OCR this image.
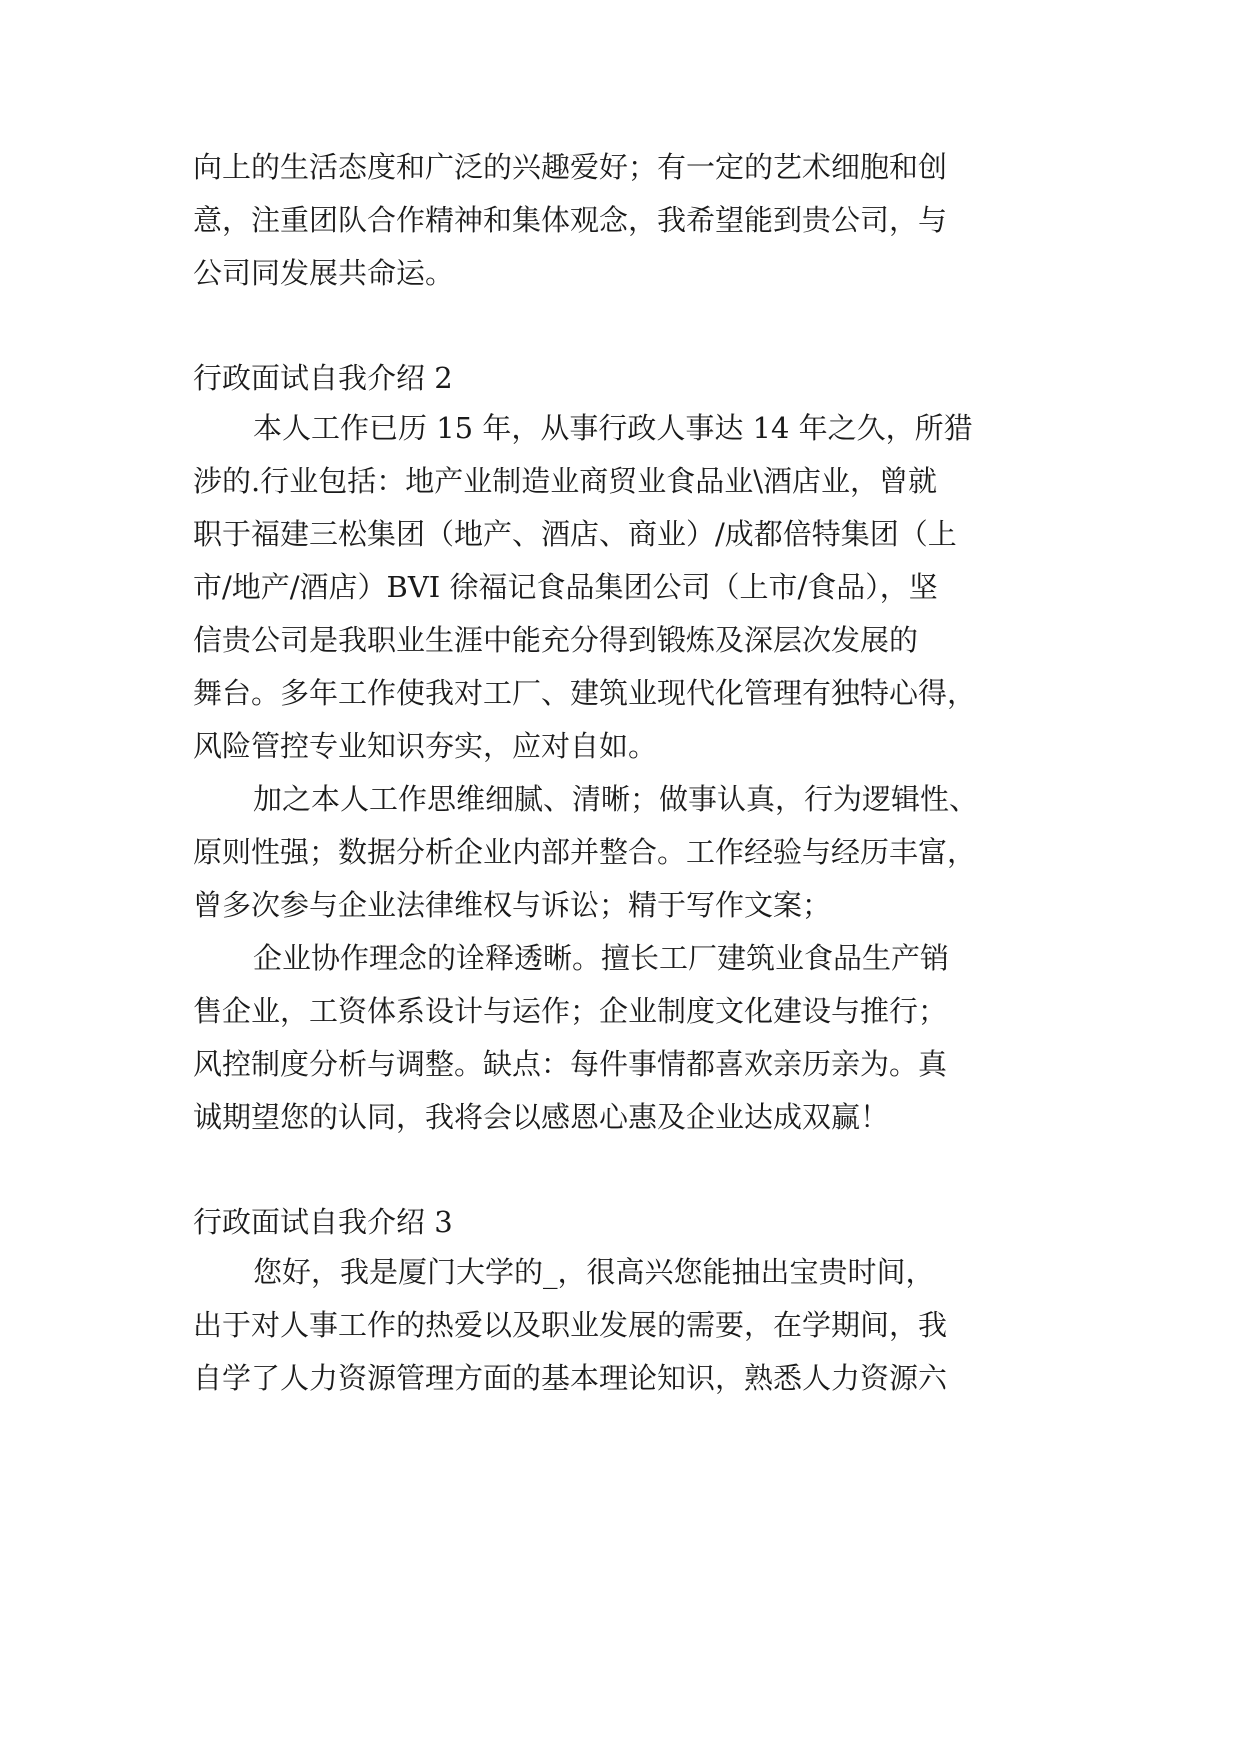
向上的生活态度和广泛的兴趣爱好；有一定的艺术细胞和创
意，注重团队合作精神和集体观念，我希望能到贵公司，与
公司同发展共命运。
行政面试自我介绍 2
本人工作已历 15 年，从事行政人事达 14 年之久，所猎
涉的.行业包括：地产业制造业商贸业食品业\酒店业，曾就
职于福建三松集团（地产、酒店、商业）/成都倍特集团（上
市/地产/酒店）BVI 徐福记食品集团公司（上市/食品），坚
信贵公司是我职业生涯中能充分得到锻炼及深层次发展的
舞台。多年工作使我对工厂、建筑业现代化管理有独特心得，
风险管控专业知识夯实，应对自如。
加之本人工作思维细腻、清晰；做事认真，行为逻辑性、
原则性强；数据分析企业内部并整合。工作经验与经历丰富，
曾多次参与企业法律维权与诉讼；精于写作文案；
企业协作理念的诠释透晰。擅长工厂建筑业食品生产销
售企业，工资体系设计与运作；企业制度文化建设与推行；
风控制度分析与调整。缺点：每件事情都喜欢亲历亲为。真
诚期望您的认同，我将会以感恩心惠及企业达成双赢！
行政面试自我介绍 3
您好，我是厦门大学的_，很高兴您能抽出宝贵时间，
出于对人事工作的热爱以及职业发展的需要，在学期间，我
自学了人力资源管理方面的基本理论知识，熟悉人力资源六
